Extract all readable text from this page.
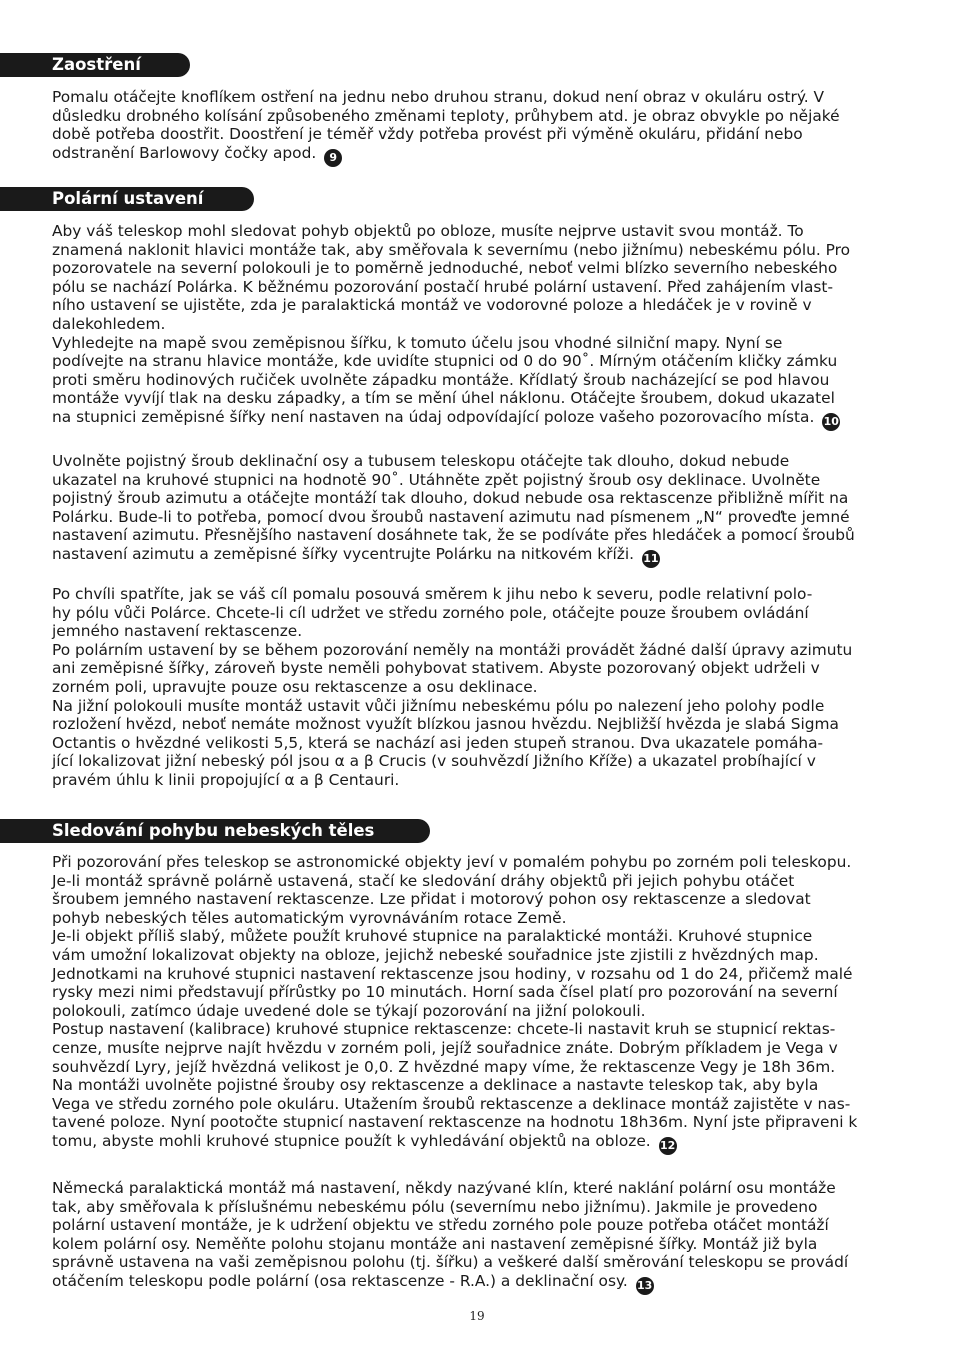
Zaostření
Pomalu otáčejte knoflíkem ostření na jednu nebo druhou stranu, dokud není obraz v okuláru ostrý. V
důsledku drobného kolísání způsobeného změnami teploty, průhybem atd. je obraz obvykle po nějaké
době potřeba doostřit. Doostření je téměř vždy potřeba provést při výměně okuláru, přidání nebo
odstranění Barlowovy čočky apod. 9
Polární ustavení
Aby váš teleskop mohl sledovat pohyb objektů po obloze, musíte nejprve ustavit svou montáž. To
znamená naklonit hlavici montáže tak, aby směřovala k severnímu (nebo jižnímu) nebeskému pólu. Pro
pozorovatele na severní polokouli je to poměrně jednoduché, neboť velmi blízko severního nebeského
pólu se nachází Polárka. K běžnému pozorování postačí hrubé polární ustavení. Před zahájením vlast-
ního ustavení se ujistěte, zda je paralaktická montáž ve vodorovné poloze a hledáček je v rovině v
dalekohledem.
Vyhledejte na mapě svou zeměpisnou šířku, k tomuto účelu jsou vhodné silniční mapy. Nyní se
podívejte na stranu hlavice montáže, kde uvidíte stupnici od 0 do 90˚. Mírným otáčením kličky zámku
proti směru hodinových ručiček uvolněte západku montáže. Křídlatý šroub nacházející se pod hlavou
montáže vyvíjí tlak na desku západky, a tím se mění úhel náklonu. Otáčejte šroubem, dokud ukazatel
na stupnici zeměpisné šířky není nastaven na údaj odpovídající poloze vašeho pozorovacího místa. 10
Uvolněte pojistný šroub deklinační osy a tubusem teleskopu otáčejte tak dlouho, dokud nebude
ukazatel na kruhové stupnici na hodnotě 90˚. Utáhněte zpět pojistný šroub osy deklinace. Uvolněte
pojistný šroub azimutu a otáčejte montáží tak dlouho, dokud nebude osa rektascenze přibližně mířit na
Polárku. Bude-li to potřeba, pomocí dvou šroubů nastavení azimutu nad písmenem „N“ proveďte jemné
nastavení azimutu. Přesnějšího nastavení dosáhnete tak, že se podíváte přes hledáček a pomocí šroubů
nastavení azimutu a zeměpisné šířky vycentrujte Polárku na nitkovém kříži. 11
Po chvíli spatříte, jak se váš cíl pomalu posouvá směrem k jihu nebo k severu, podle relativní polo-
hy pólu vůči Polárce. Chcete-li cíl udržet ve středu zorného pole, otáčejte pouze šroubem ovládání
jemného nastavení rektascenze.
Po polárním ustavení by se během pozorování neměly na montáži provádět žádné další úpravy azimutu
ani zeměpisné šířky, zároveň byste neměli pohybovat stativem. Abyste pozorovaný objekt udrželi v
zorném poli, upravujte pouze osu rektascenze a osu deklinace.
Na jižní polokouli musíte montáž ustavit vůči jižnímu nebeskému pólu po nalezení jeho polohy podle
rozložení hvězd, neboť nemáte možnost využít blízkou jasnou hvězdu. Nejbližší hvězda je slabá Sigma
Octantis o hvězdné velikosti 5,5, která se nachází asi jeden stupeň stranou. Dva ukazatele pomáha-
jící lokalizovat jižní nebeský pól jsou α a β Crucis (v souhvězdí Jižního Kříže) a ukazatel probíhající v
pravém úhlu k linii propojující α a β Centauri.
Sledování pohybu nebeských těles
Při pozorování přes teleskop se astronomické objekty jeví v pomalém pohybu po zorném poli teleskopu.
Je-li montáž správně polárně ustavená, stačí ke sledování dráhy objektů při jejich pohybu otáčet
šroubem jemného nastavení rektascenze. Lze přidat i motorový pohon osy rektascenze a sledovat
pohyb nebeských těles automatickým vyrovnáváním rotace Země.
Je-li objekt příliš slabý, můžete použít kruhové stupnice na paralaktické montáži. Kruhové stupnice
vám umožní lokalizovat objekty na obloze, jejichž nebeské souřadnice jste zjistili z hvězdných map.
Jednotkami na kruhové stupnici nastavení rektascenze jsou hodiny, v rozsahu od 1 do 24, přičemž malé
rysky mezi nimi představují přírůstky po 10 minutách. Horní sada čísel platí pro pozorování na severní
polokouli, zatímco údaje uvedené dole se týkají pozorování na jižní polokouli.
Postup nastavení (kalibrace) kruhové stupnice rektascenze: chcete-li nastavit kruh se stupnicí rektas-
cenze, musíte nejprve najít hvězdu v zorném poli, jejíž souřadnice znáte. Dobrým příkladem je Vega v
souhvězdí Lyry, jejíž hvězdná velikost je 0,0. Z hvězdné mapy víme, že rektascenze Vegy je 18h 36m.
Na montáži uvolněte pojistné šrouby osy rektascenze a deklinace a nastavte teleskop tak, aby byla
Vega ve středu zorného pole okuláru. Utažením šroubů rektascenze a deklinace montáž zajistěte v nas-
tavené poloze. Nyní pootočte stupnicí nastavení rektascenze na hodnotu 18h36m. Nyní jste připraveni k
tomu, abyste mohli kruhové stupnice použít k vyhledávání objektů na obloze. 12
Německá paralaktická montáž má nastavení, někdy nazývané klín, které naklání polární osu montáže
tak, aby směřovala k příslušnému nebeskému pólu (severnímu nebo jižnímu). Jakmile je provedeno
polární ustavení montáže, je k udržení objektu ve středu zorného pole pouze potřeba otáčet montáží
kolem polární osy. Neměňte polohu stojanu montáže ani nastavení zeměpisné šířky. Montáž již byla
správně ustavena na vaši zeměpisnou polohu (tj. šířku) a veškeré další směrování teleskopu se provádí
otáčením teleskopu podle polární (osa rektascenze - R.A.) a deklinační osy. 13
19
